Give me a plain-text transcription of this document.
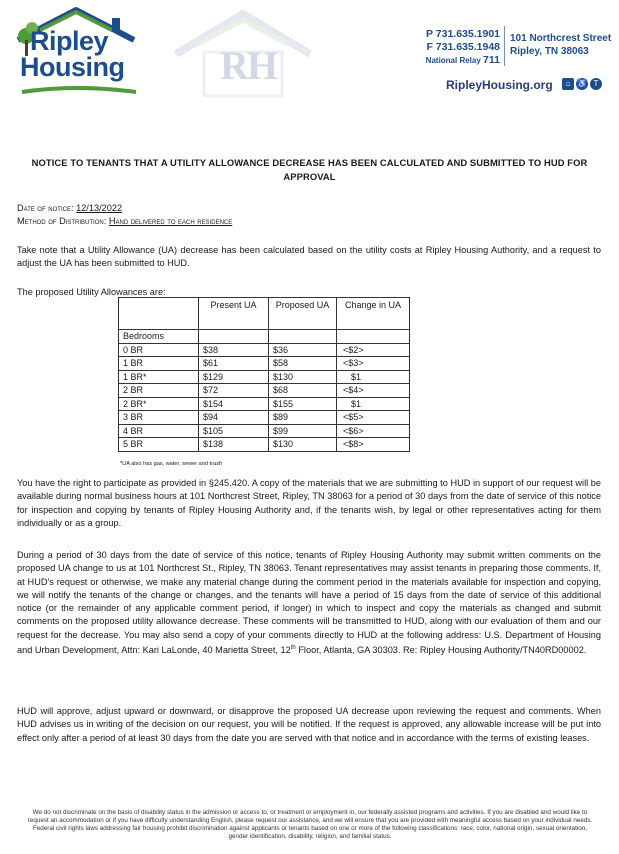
Ripley
Housing RH
P 731.635.1901
F 731.635.1948
National Relay 711
101 Northcrest Street
Ripley, TN 38063
RipleyHousing.org	⌂ ♿ T
NOTICE TO TENANTS THAT A UTILITY ALLOWANCE DECREASE HAS BEEN CALCULATED AND SUBMITTED TO HUD FOR APPROVAL
Date of notice: 12/13/2022
Method of Distribution: Hand delivered to each residence
Take note that a Utility Allowance (UA) decrease has been calculated based on the utility costs at Ripley Housing Authority, and a request to adjust the UA has been submitted to HUD.
The proposed Utility Allowances are:
	Present UA	Proposed UA	Change in UA
Bedrooms			
0 BR	$38	$36	<$2>
1 BR	$61	$58	<$3>
1 BR*	$129	$130	$1
2 BR	$72	$68	<$4>
2 BR*	$154	$155	$1
3 BR	$94	$89	<$5>
4 BR	$105	$99	<$6>
5 BR	$138	$130	<$8>
*UA also has gas, water, sewer and trash
You have the right to participate as provided in §245.420. A copy of the materials that we are submitting to HUD in support of our request will be available during normal business hours at 101 Northcrest Street, Ripley, TN 38063 for a period of 30 days from the date of service of this notice for inspection and copying by tenants of Ripley Housing Authority and, if the tenants wish, by legal or other representatives acting for them individually or as a group.
During a period of 30 days from the date of service of this notice, tenants of Ripley Housing Authority may submit written comments on the proposed UA change to us at 101 Northcrest St., Ripley, TN 38063. Tenant representatives may assist tenants in preparing those comments. If, at HUD's request or otherwise, we make any material change during the comment period in the materials available for inspection and copying, we will notify the tenants of the change or changes, and the tenants will have a period of 15 days from the date of service of this additional notice (or the remainder of any applicable comment period, if longer) in which to inspect and copy the materials as changed and submit comments on the proposed utility allowance decrease. These comments will be transmitted to HUD, along with our evaluation of them and our request for the decrease. You may also send a copy of your comments directly to HUD at the following address: U.S. Department of Housing and Urban Development, Attn: Kari LaLonde, 40 Marietta Street, 12th Floor, Atlanta, GA 30303. Re: Ripley Housing Authority/TN40RD00002.
HUD will approve, adjust upward or downward, or disapprove the proposed UA decrease upon reviewing the request and comments. When HUD advises us in writing of the decision on our request, you will be notified. If the request is approved, any allowable increase will be put into effect only after a period of at least 30 days from the date you are served with that notice and in accordance with the terms of existing leases.
We do not discriminate on the basis of disability status in the admission or access to, or treatment or employment in, our federally assisted programs and activities. If you are disabled and would like to request an accommodation or if you have difficulty understanding English, please request our assistance, and we will ensure that you are provided with meaningful access based on your individual needs. Federal civil rights laws addressing fair housing prohibit discrimination against applicants or tenants based on one or more of the following classifications: race, color, national origin, sexual orientation, gender identification, disability, religion, and familial status.
